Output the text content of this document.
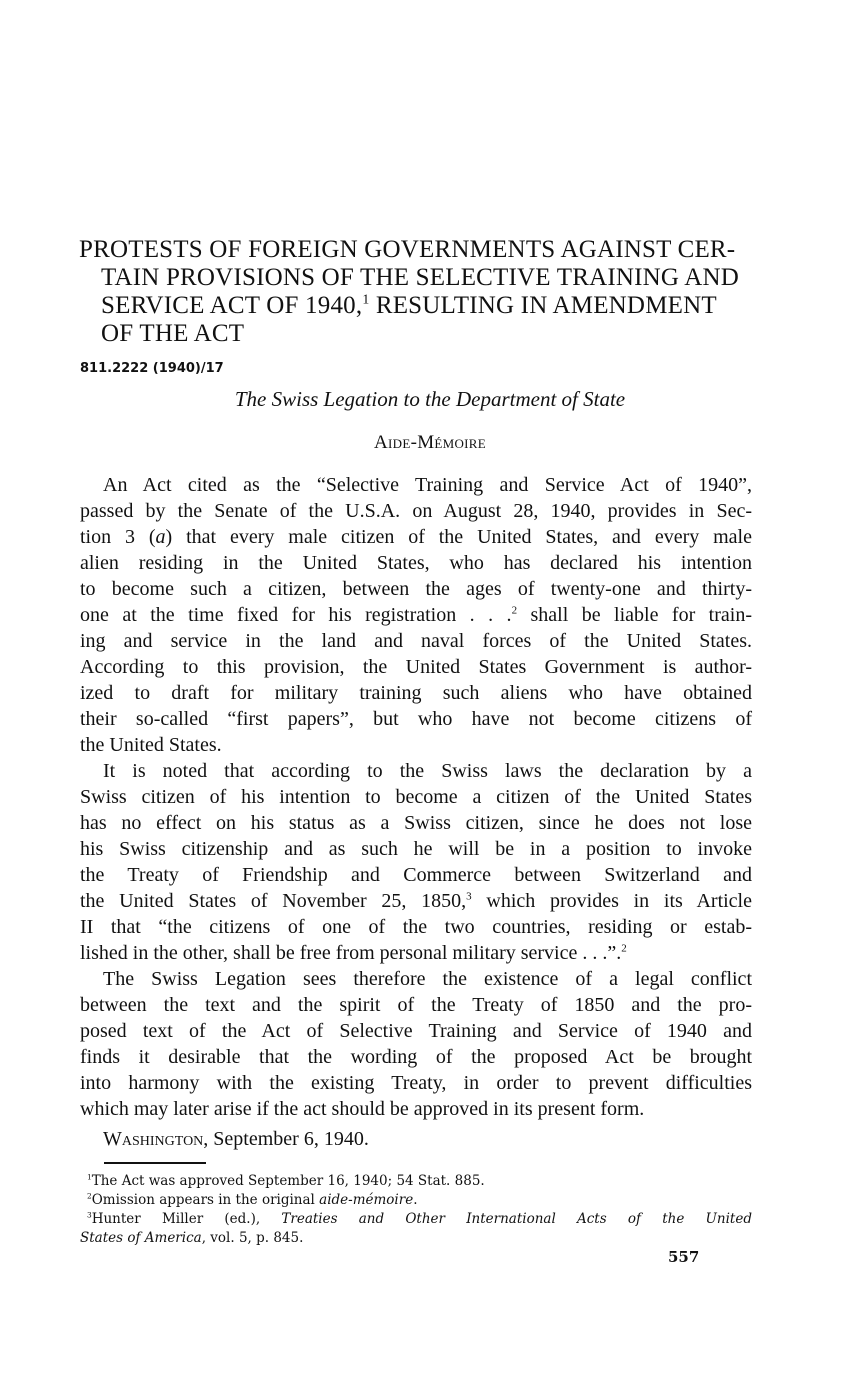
PROTESTS OF FOREIGN GOVERNMENTS AGAINST CER-
TAIN PROVISIONS OF THE SELECTIVE TRAINING AND
SERVICE ACT OF 1940,$^1$ RESULTING IN AMENDMENT
OF THE ACT
811.2222 (1940)/17
The Swiss Legation to the Department of State
Aide-Mémoire
An Act cited as the “Selective Training and Service Act of 1940”,
passed by the Senate of the U.S.A. on August 28, 1940, provides in Sec-
tion 3 (a) that every male citizen of the United States, and every male
alien residing in the United States, who has declared his intention
to become such a citizen, between the ages of twenty-one and thirty-
one at the time fixed for his registration . . .$^2$ shall be liable for train-
ing and service in the land and naval forces of the United States.
According to this provision, the United States Government is author-
ized to draft for military training such aliens who have obtained
their so-called “first papers”, but who have not become citizens of
the United States.
It is noted that according to the Swiss laws the declaration by a
Swiss citizen of his intention to become a citizen of the United States
has no effect on his status as a Swiss citizen, since he does not lose
his Swiss citizenship and as such he will be in a position to invoke
the Treaty of Friendship and Commerce between Switzerland and
the United States of November 25, 1850,$^3$ which provides in its Article
II that “the citizens of one of the two countries, residing or estab-
lished in the other, shall be free from personal military service . . .”.$^2$
The Swiss Legation sees therefore the existence of a legal conflict
between the text and the spirit of the Treaty of 1850 and the pro-
posed text of the Act of Selective Training and Service of 1940 and
finds it desirable that the wording of the proposed Act be brought
into harmony with the existing Treaty, in order to prevent difficulties
which may later arise if the act should be approved in its present form.
Washington, September 6, 1940.
$^1$The Act was approved September 16, 1940; 54 Stat. 885.
$^2$Omission appears in the original aide-mémoire.
$^3$Hunter Miller (ed.), Treaties and Other International Acts of the United
States of America, vol. 5, p. 845.
557
